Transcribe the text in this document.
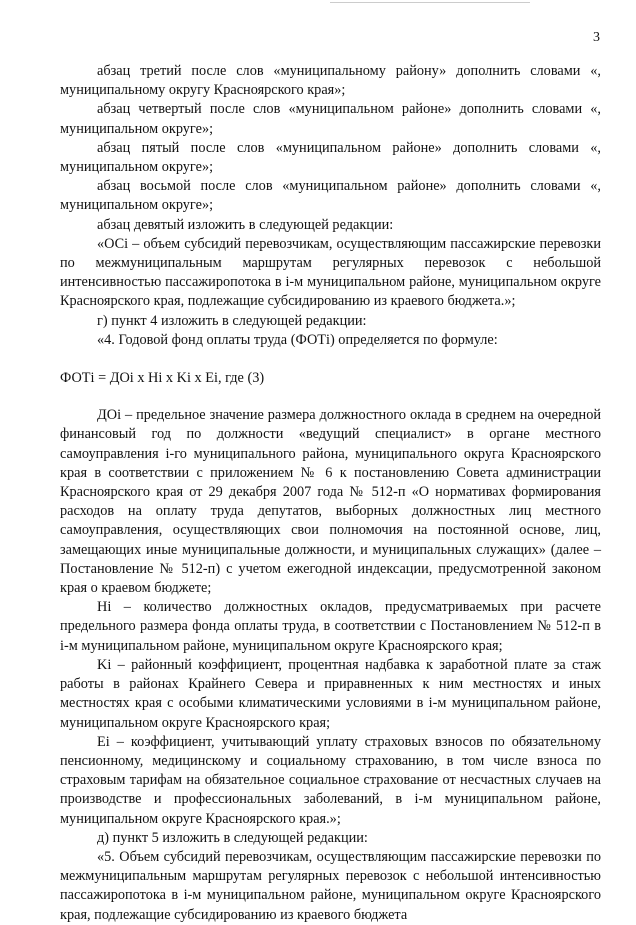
3

абзац третий после слов «муниципальному району» дополнить словами «, муниципальному округу Красноярского края»;

абзац четвертый после слов «муниципальном районе» дополнить словами «, муниципальном округе»;

абзац пятый после слов «муниципальном районе» дополнить словами «, муниципальном округе»;

абзац восьмой после слов «муниципальном районе» дополнить словами «, муниципальном округе»;

абзац девятый изложить в следующей редакции:

«ОСі – объем субсидий перевозчикам, осуществляющим пассажирские перевозки по межмуниципальным маршрутам регулярных перевозок с небольшой интенсивностью пассажиропотока в і-м муниципальном районе, муниципальном округе Красноярского края, подлежащие субсидированию из краевого бюджета.»;

г) пункт 4 изложить в следующей редакции:

«4. Годовой фонд оплаты труда (ФОТі) определяется по формуле:

ФОТі = ДОі x Hi x Ki x Ei, где (3)

ДОі – предельное значение размера должностного оклада в среднем на очередной финансовый год по должности «ведущий специалист» в органе местного самоуправления і-го муниципального района, муниципального округа Красноярского края в соответствии с приложением № 6 к постановлению Совета администрации Красноярского края от 29 декабря 2007 года № 512-п «О нормативах формирования расходов на оплату труда депутатов, выборных должностных лиц местного самоуправления, осуществляющих свои полномочия на постоянной основе, лиц, замещающих иные муниципальные должности, и муниципальных служащих» (далее – Постановление № 512-п) с учетом ежегодной индексации, предусмотренной законом края о краевом бюджете;

Hi – количество должностных окладов, предусматриваемых при расчете предельного размера фонда оплаты труда, в соответствии с Постановлением № 512-п в і-м муниципальном районе, муниципальном округе Красноярского края;

Ki – районный коэффициент, процентная надбавка к заработной плате за стаж работы в районах Крайнего Севера и приравненных к ним местностях и иных местностях края с особыми климатическими условиями в і-м муниципальном районе, муниципальном округе Красноярского края;

Ei – коэффициент, учитывающий уплату страховых взносов по обязательному пенсионному, медицинскому и социальному страхованию, в том числе взноса по страховым тарифам на обязательное социальное страхование от несчастных случаев на производстве и профессиональных заболеваний, в і-м муниципальном районе, муниципальном округе Красноярского края.»;

д) пункт 5 изложить в следующей редакции:

«5. Объем субсидий перевозчикам, осуществляющим пассажирские перевозки по межмуниципальным маршрутам регулярных перевозок с небольшой интенсивностью пассажиропотока в і-м муниципальном районе, муниципальном округе Красноярского края, подлежащие субсидированию из краевого бюджета
